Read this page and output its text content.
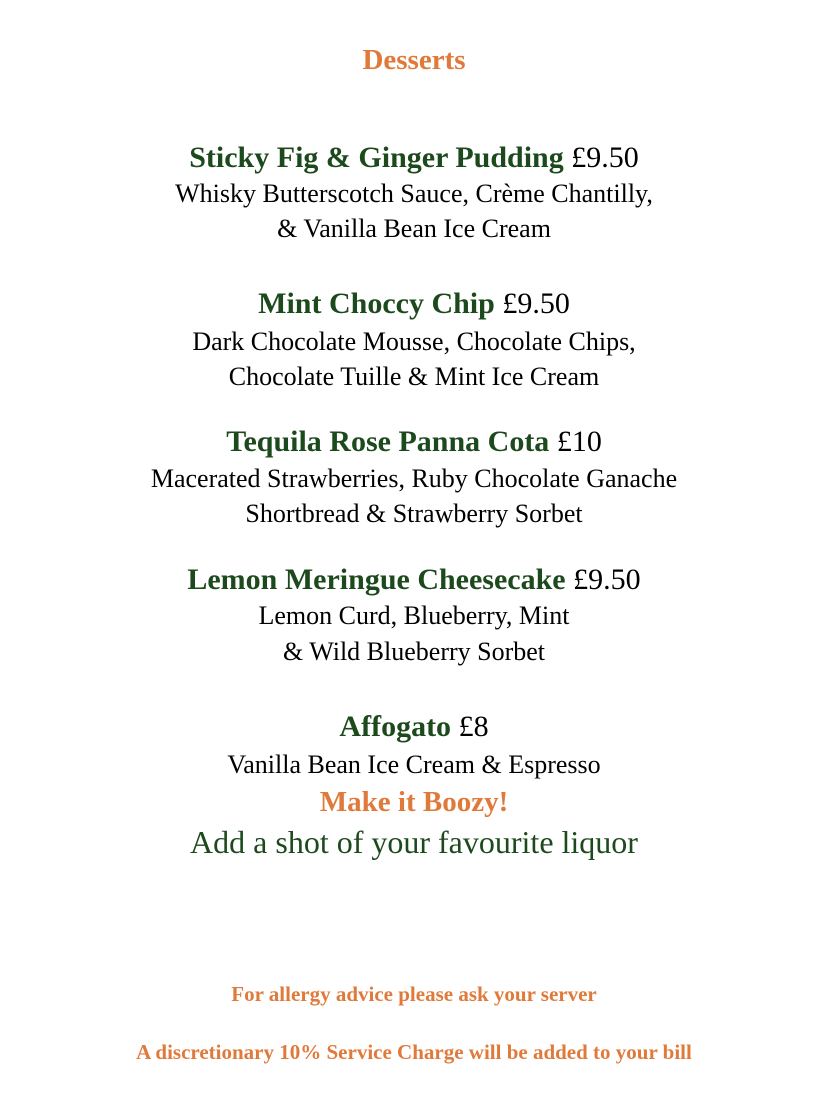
Desserts
Sticky Fig & Ginger Pudding £9.50
Whisky Butterscotch Sauce, Crème Chantilly,
& Vanilla Bean Ice Cream
Mint Choccy Chip £9.50
Dark Chocolate Mousse, Chocolate Chips,
Chocolate Tuille & Mint Ice Cream
Tequila Rose Panna Cota £10
Macerated Strawberries, Ruby Chocolate Ganache
Shortbread & Strawberry Sorbet
Lemon Meringue Cheesecake £9.50
Lemon Curd, Blueberry, Mint
& Wild Blueberry Sorbet
Affogato £8
Vanilla Bean Ice Cream & Espresso
Make it Boozy!
Add a shot of your favourite liquor
For allergy advice please ask your server
A discretionary 10% Service Charge will be added to your bill
